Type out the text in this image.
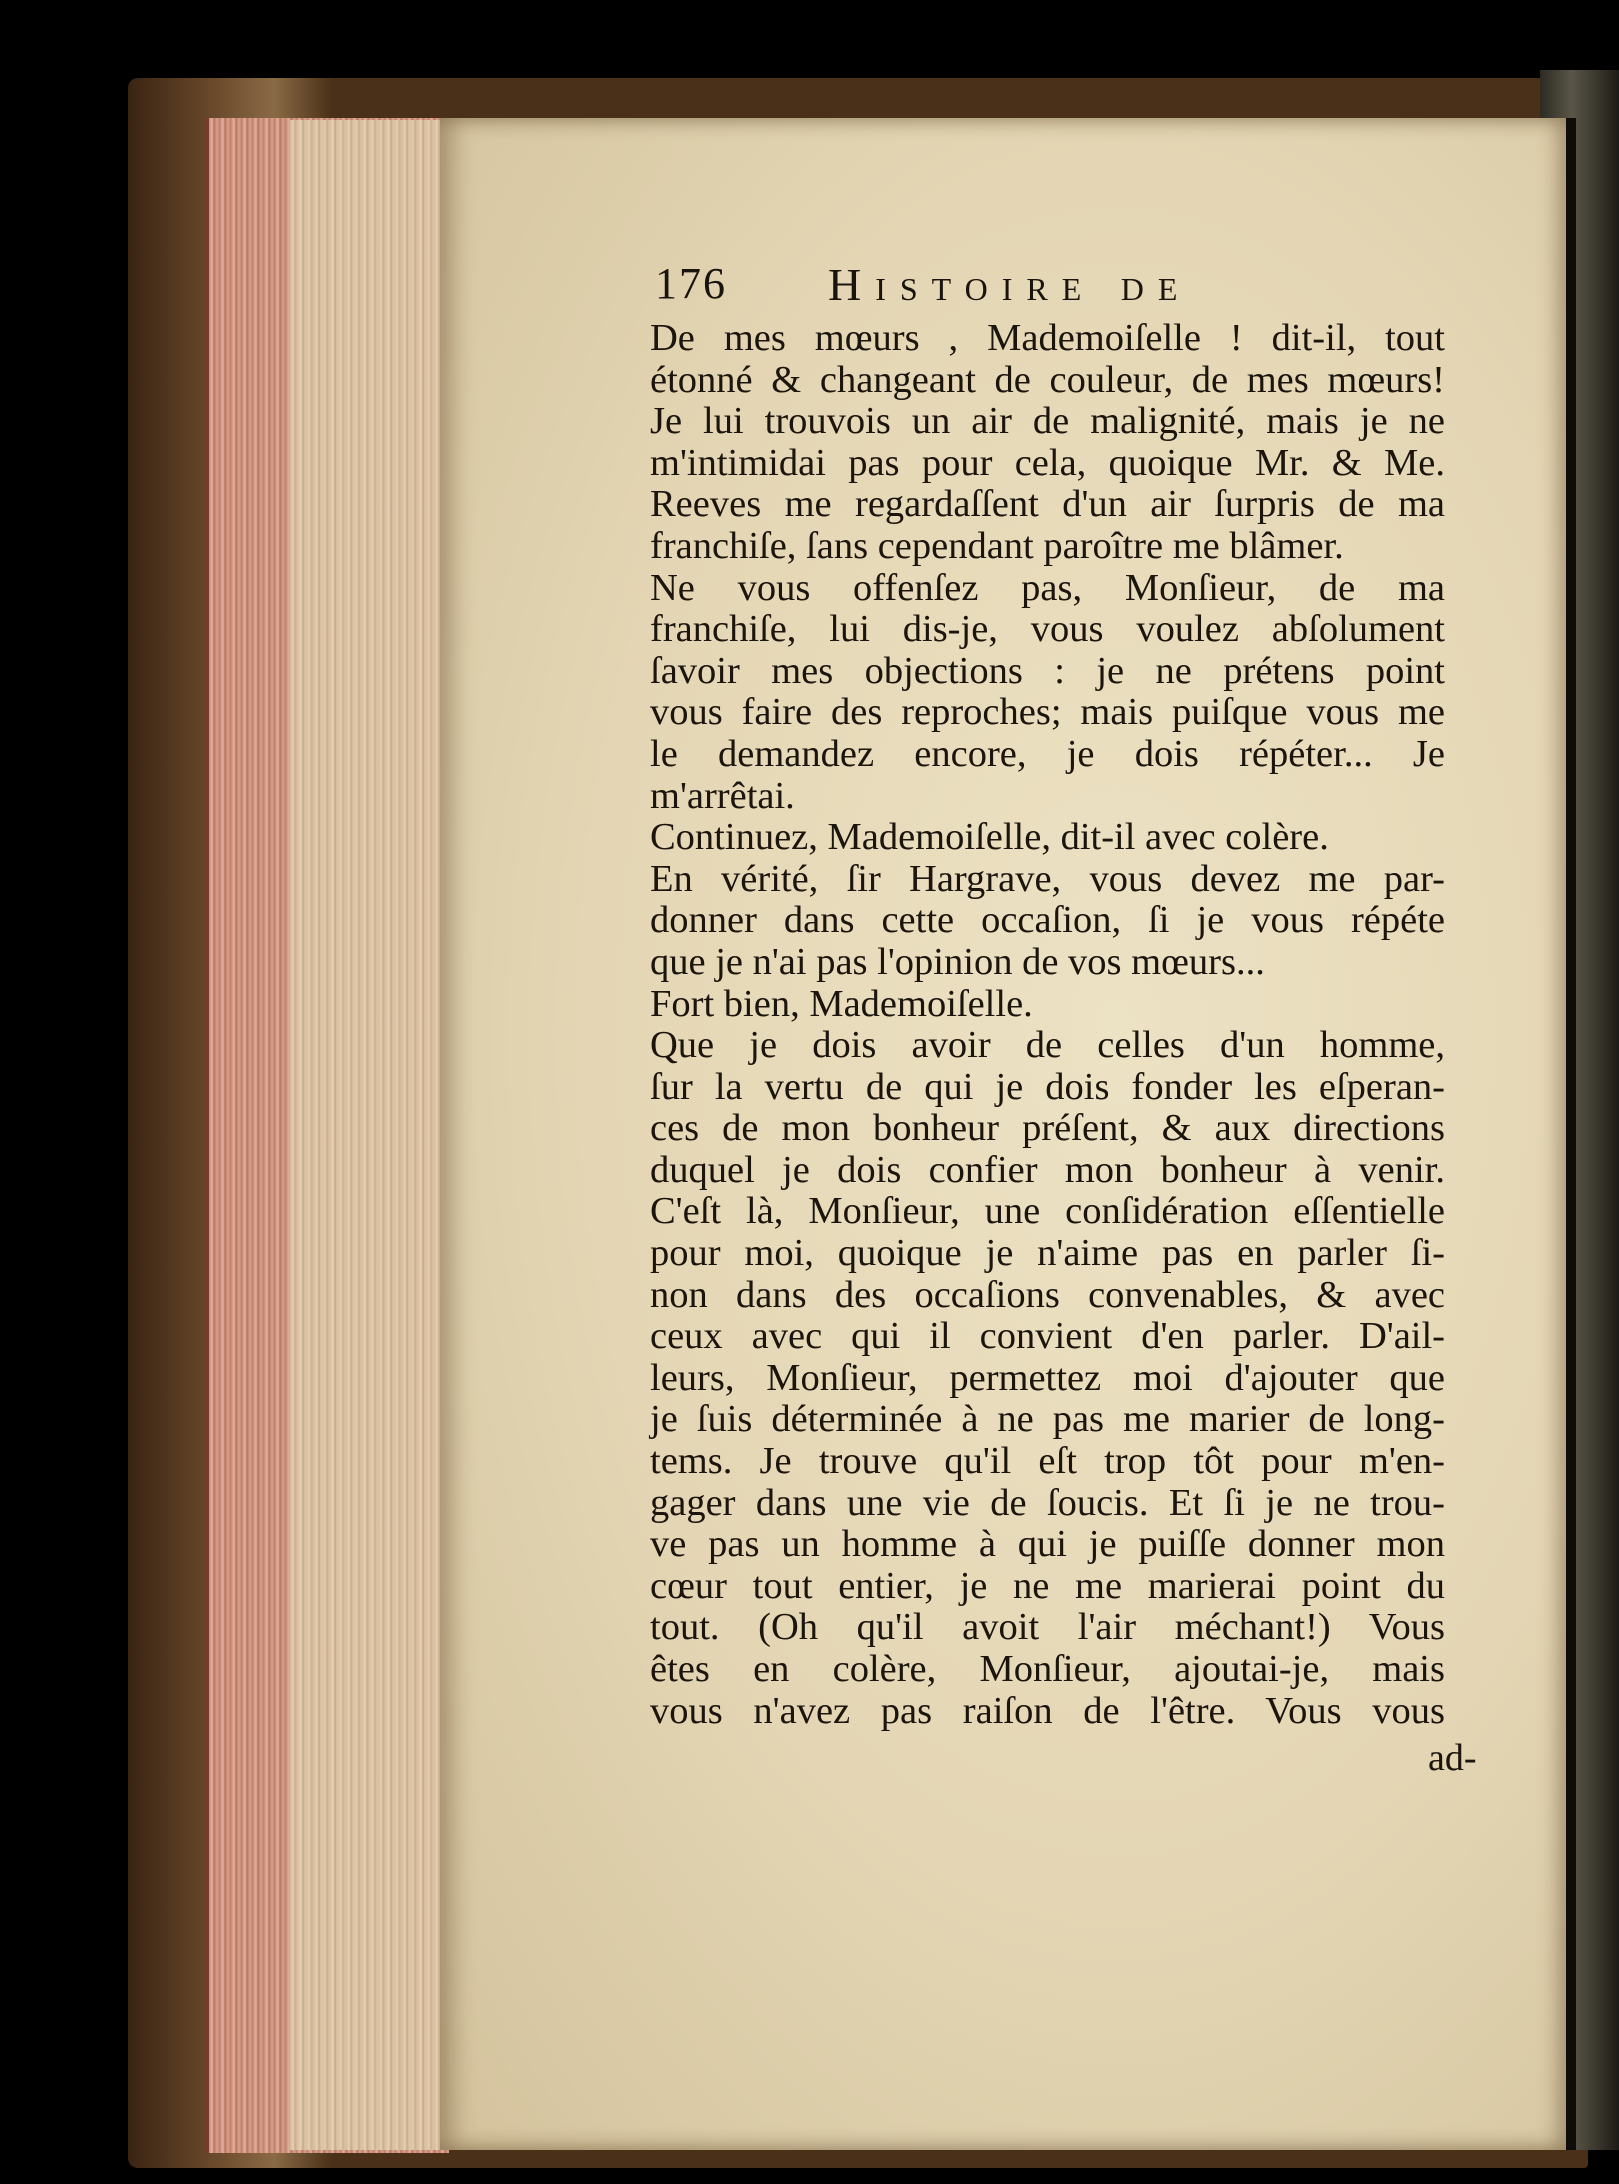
176 Histoire de
De mes mœurs , Mademoiſelle ! dit-il, tout
étonné & changeant de couleur, de mes mœurs!
Je lui trouvois un air de malignité, mais je ne
m'intimidai pas pour cela, quoique Mr. & Me.
Reeves me regardaſſent d'un air ſurpris de ma
franchiſe, ſans cependant paroître me blâmer.
Ne vous offenſez pas, Monſieur, de ma
franchiſe, lui dis-je, vous voulez abſolument
ſavoir mes objections : je ne prétens point
vous faire des reproches; mais puiſque vous me
le demandez encore, je dois répéter... Je
m'arrêtai.
Continuez, Mademoiſelle, dit-il avec colère.
En vérité, ſir Hargrave, vous devez me par-
donner dans cette occaſion, ſi je vous répéte
que je n'ai pas l'opinion de vos mœurs...
Fort bien, Mademoiſelle.
Que je dois avoir de celles d'un homme,
ſur la vertu de qui je dois fonder les eſperan-
ces de mon bonheur préſent, & aux directions
duquel je dois confier mon bonheur à venir.
C'eſt là, Monſieur, une conſidération eſſentielle
pour moi, quoique je n'aime pas en parler ſi-
non dans des occaſions convenables, & avec
ceux avec qui il convient d'en parler. D'ail-
leurs, Monſieur, permettez moi d'ajouter que
je ſuis déterminée à ne pas me marier de long-
tems. Je trouve qu'il eſt trop tôt pour m'en-
gager dans une vie de ſoucis. Et ſi je ne trou-
ve pas un homme à qui je puiſſe donner mon
cœur tout entier, je ne me marierai point du
tout. (Oh qu'il avoit l'air méchant!) Vous
êtes en colère, Monſieur, ajoutai-je, mais
vous n'avez pas raiſon de l'être. Vous vous
ad-
